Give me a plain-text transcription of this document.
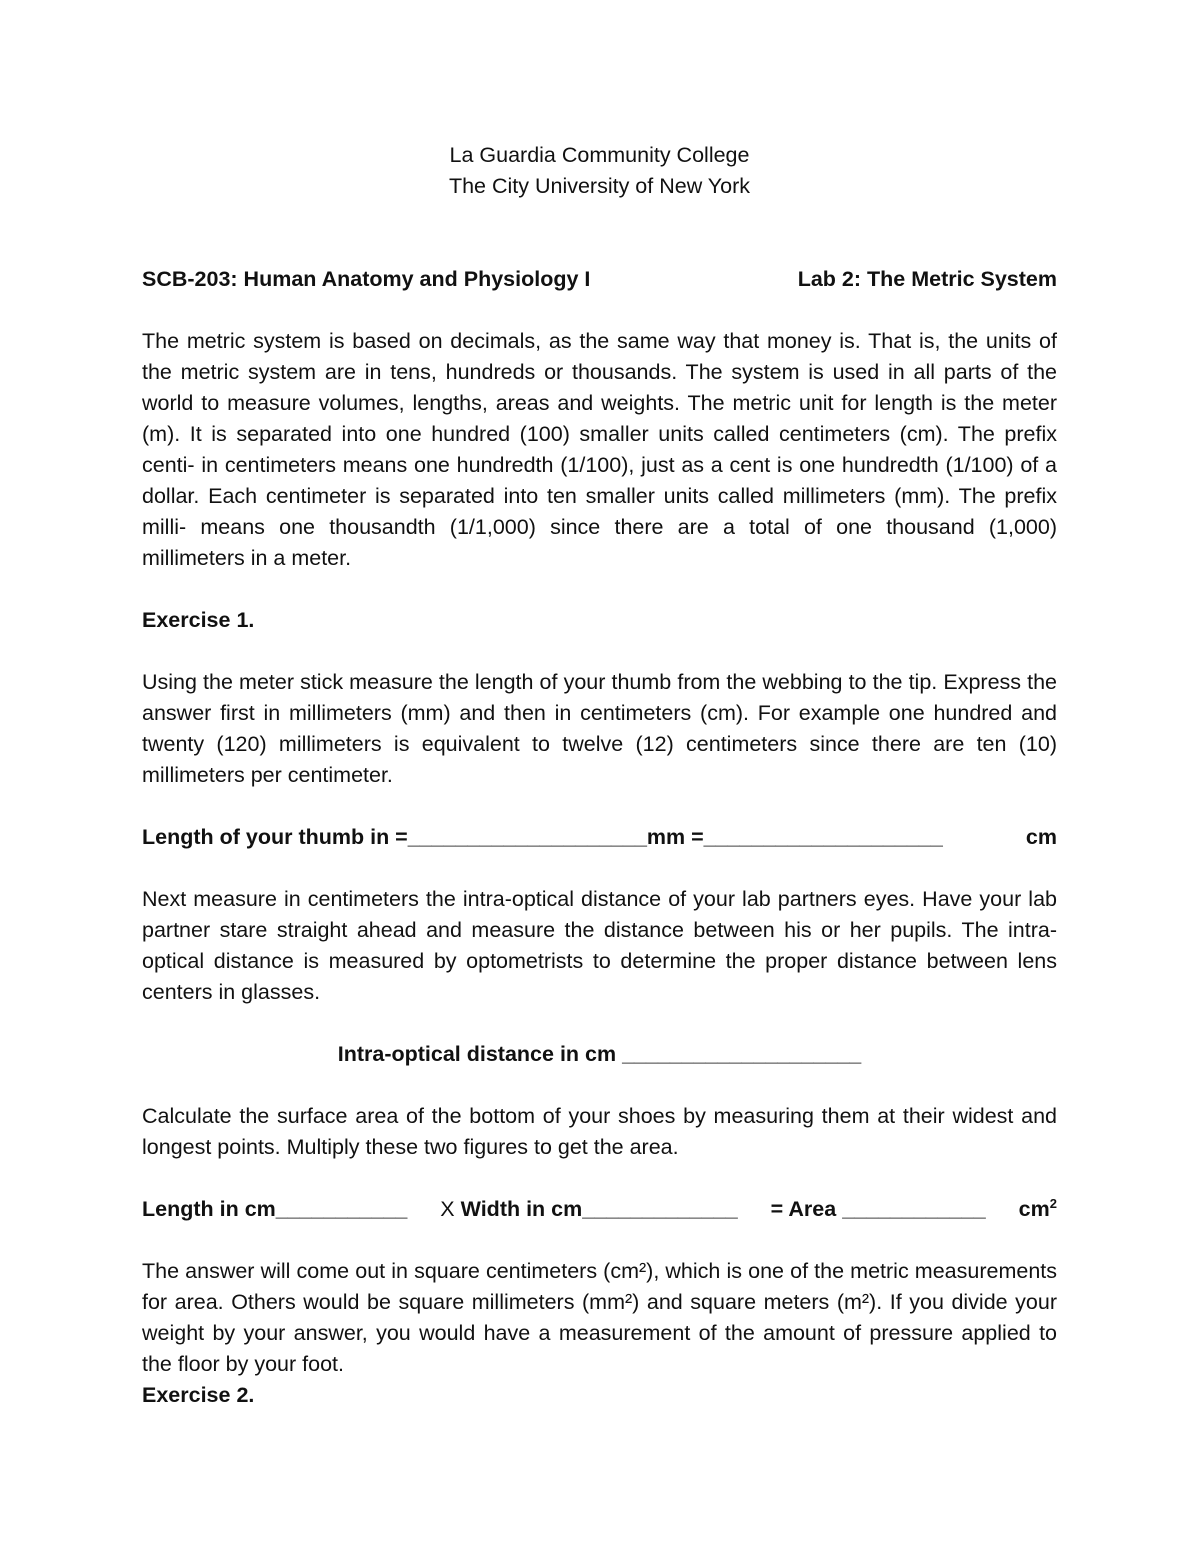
La Guardia Community College

The City University of New York

SCB-203: Human Anatomy and Physiology I	Lab 2: The Metric System

The metric system is based on decimals, as the same way that money is. That is, the units of the metric system are in tens, hundreds or thousands. The system is used in all parts of the world to measure volumes, lengths, areas and weights. The metric unit for length is the meter (m). It is separated into one hundred (100) smaller units called centimeters (cm). The prefix centi- in centimeters means one hundredth (1/100), just as a cent is one hundredth (1/100) of a dollar. Each centimeter is separated into ten smaller units called millimeters (mm). The prefix milli- means one thousandth (1/1,000) since there are a total of one thousand (1,000) millimeters in a meter.

Exercise 1.

Using the meter stick measure the length of your thumb from the webbing to the tip. Express the answer first in millimeters (mm) and then in centimeters (cm). For example one hundred and twenty (120) millimeters is equivalent to twelve (12) centimeters since there are ten (10) millimeters per centimeter.

Length of your thumb in =____________________mm =____________________	cm

Next measure in centimeters the intra-optical distance of your lab partners eyes. Have your lab partner stare straight ahead and measure the distance between his or her pupils. The intra-optical distance is measured by optometrists to determine the proper distance between lens centers in glasses.

Intra-optical distance in cm ____________________

Calculate the surface area of the bottom of your shoes by measuring them at their widest and longest points. Multiply these two figures to get the area.

Length in cm___________ X Width in cm_____________ = Area ____________ $cm^2$

The answer will come out in square centimeters (cm²), which is one of the metric measurements for area. Others would be square millimeters (mm²) and square meters (m²). If you divide your weight by your answer, you would have a measurement of the amount of pressure applied to the floor by your foot.

Exercise 2.
